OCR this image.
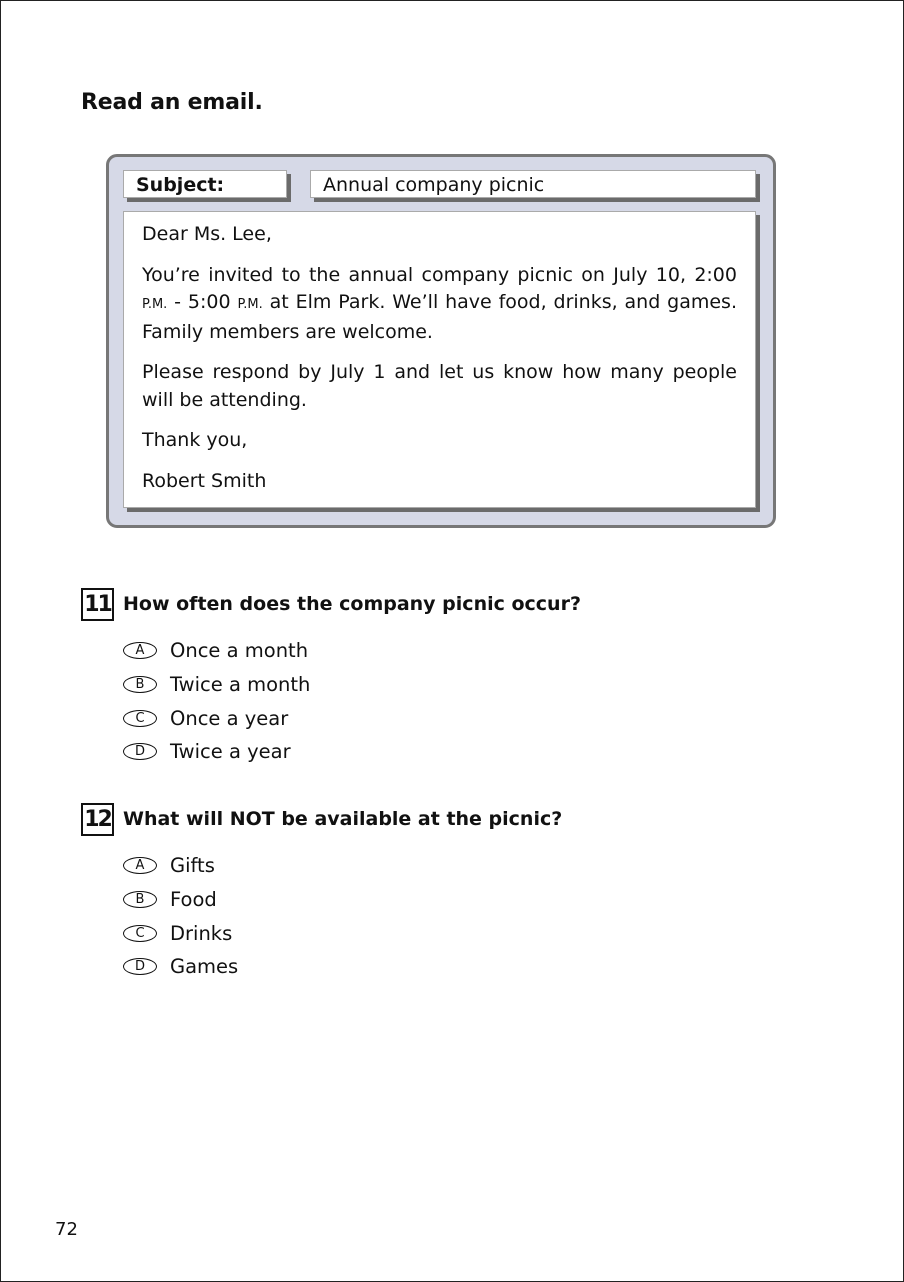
Read an email.
Subject:	Annual company picnic

Dear Ms. Lee,

You’re invited to the annual company picnic on July 10, 2:00 P.M. - 5:00 P.M. at Elm Park. We’ll have food, drinks, and games. Family members are welcome.

Please respond by July 1 and let us know how many people will be attending.

Thank you,

Robert Smith

11 How often does the company picnic occur?
A	Once a month
B	Twice a month
C	Once a year
D	Twice a year
12 What will NOT be available at the picnic?
A	Gifts
B	Food
C	Drinks
D	Games
72
